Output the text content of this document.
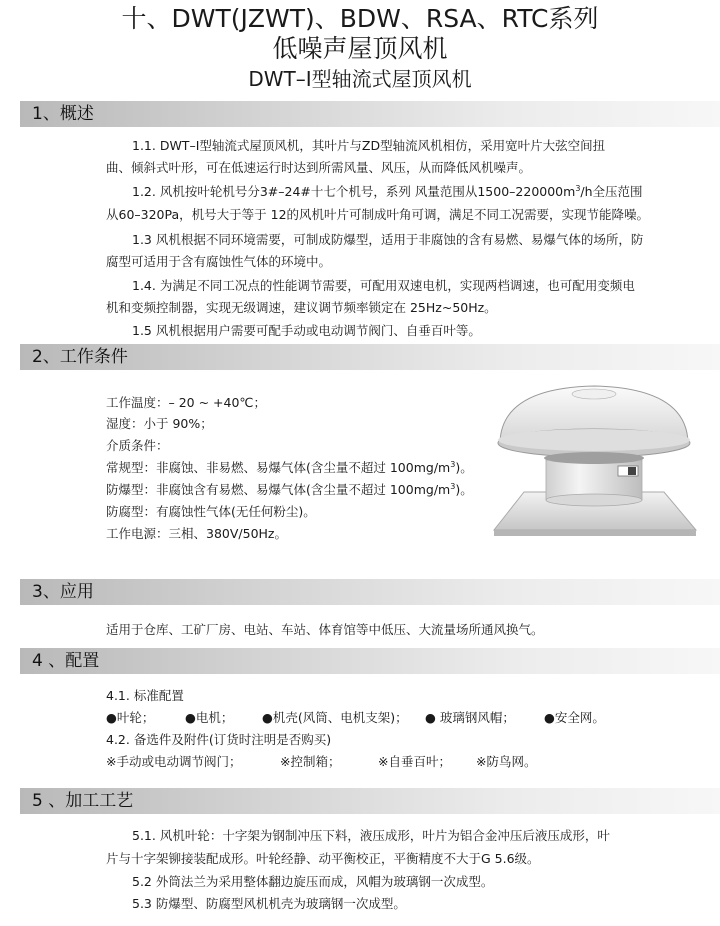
十、DWT(JZWT)、BDW、RSA、RTC系列
低噪声屋顶风机
DWT–I型轴流式屋顶风机
1、概述
1.1. DWT–I型轴流式屋顶风机，其叶片与ZD型轴流风机相仿，采用宽叶片大弦空间扭
曲、倾斜式叶形，可在低速运行时达到所需风量、风压，从而降低风机噪声。
1.2. 风机按叶轮机号分3#–24#十七个机号，系列 风量范围从$1500-220000m^3/h$全压范围
从60–320Pa，机号大于等于 12的风机叶片可制成叶角可调，满足不同工况需要，实现节能降噪。
1.3 风机根据不同环境需要，可制成防爆型，适用于非腐蚀的含有易燃、易爆气体的场所，防
腐型可适用于含有腐蚀性气体的环境中。
1.4. 为满足不同工况点的性能调节需要，可配用双速电机，实现两档调速，也可配用变频电
机和变频控制器，实现无级调速，建议调节频率锁定在 25Hz~50Hz。
1.5 风机根据用户需要可配手动或电动调节阀门、自垂百叶等。
2、工作条件
工作温度：– 20 ~ +40℃；
湿度：小于 90%；
介质条件：
常规型：非腐蚀、非易燃、易爆气体(含尘量不超过 $100mg/m^3$)。
防爆型：非腐蚀含有易燃、易爆气体(含尘量不超过 $100mg/m^3$)。
防腐型：有腐蚀性气体(无任何粉尘)。
工作电源：三相、380V/50Hz。
3、应用
适用于仓库、工矿厂房、电站、车站、体育馆等中低压、大流量场所通风换气。
4 、配置
4.1. 标准配置
●叶轮； ●电机； ●机壳(风筒、电机支架)； ● 玻璃钢风帽； ●安全网。
4.2. 备选件及附件(订货时注明是否购买)
※手动或电动调节阀门；	※控制箱；	※自垂百叶； ※防鸟网。
5 、加工工艺
5.1. 风机叶轮：十字架为钢制冲压下料，液压成形，叶片为铝合金冲压后液压成形，叶
片与十字架铆接装配成形。叶轮经静、动平衡校正，平衡精度不大于G 5.6级。
5.2 外筒法兰为采用整体翻边旋压而成，风帽为玻璃钢一次成型。
5.3 防爆型、防腐型风机机壳为玻璃钢一次成型。
